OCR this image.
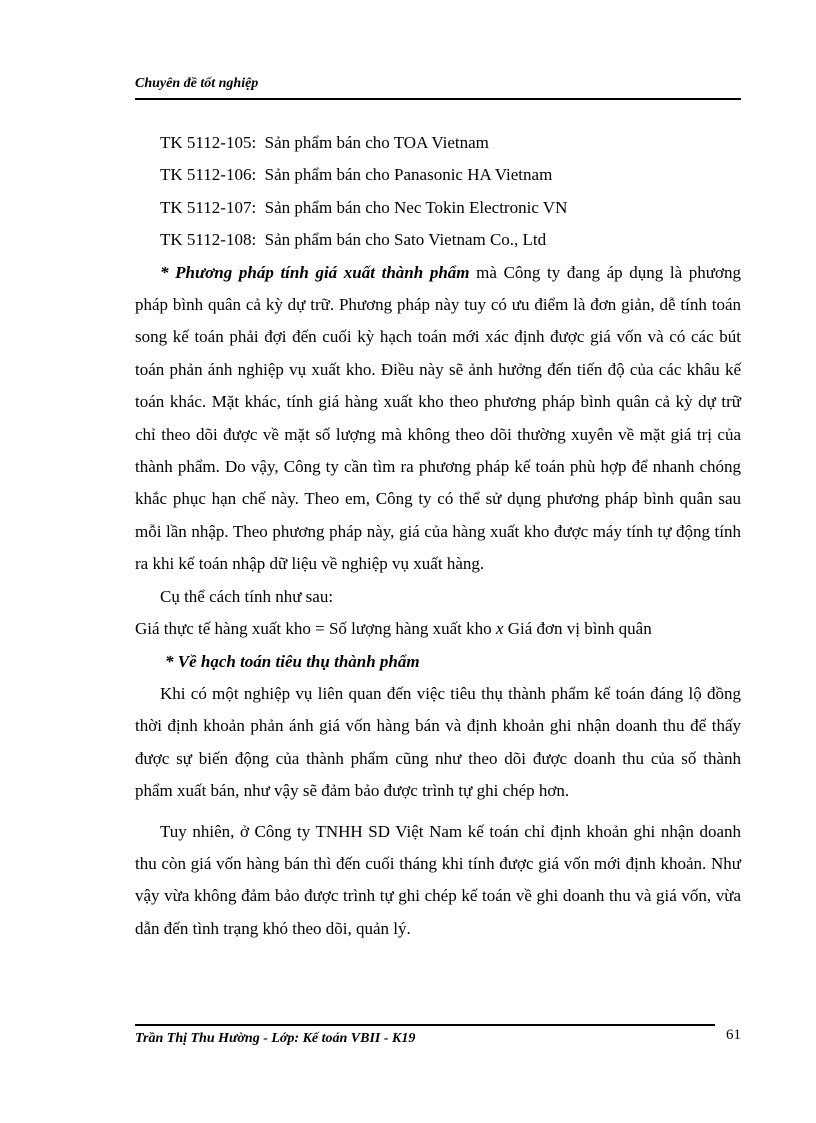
Chuyên đề tốt nghiệp

TK 5112-105: Sản phẩm bán cho TOA Vietnam

TK 5112-106: Sản phẩm bán cho Panasonic HA Vietnam

TK 5112-107: Sản phẩm bán cho Nec Tokin Electronic VN

TK 5112-108: Sản phẩm bán cho Sato Vietnam Co., Ltd

* Phương pháp tính giá xuất thành phẩm mà Công ty đang áp dụng là phương pháp bình quân cả kỳ dự trữ. Phương pháp này tuy có ưu điểm là đơn giản, dễ tính toán song kế toán phải đợi đến cuối kỳ hạch toán mới xác định được giá vốn và có các bút toán phản ánh nghiệp vụ xuất kho. Điều này sẽ ảnh hưởng đến tiến độ của các khâu kế toán khác. Mặt khác, tính giá hàng xuất kho theo phương pháp bình quân cả kỳ dự trữ chỉ theo dõi được về mặt số lượng mà không theo dõi thường xuyên về mặt giá trị của thành phẩm. Do vậy, Công ty cần tìm ra phương pháp kế toán phù hợp để nhanh chóng khắc phục hạn chế này. Theo em, Công ty có thể sử dụng phương pháp bình quân sau mỗi lần nhập. Theo phương pháp này, giá của hàng xuất kho được máy tính tự động tính ra khi kế toán nhập dữ liệu về nghiệp vụ xuất hàng.

Cụ thể cách tính như sau:

Giá thực tế hàng xuất kho = Số lượng hàng xuất kho x Giá đơn vị bình quân

* Về hạch toán tiêu thụ thành phẩm

Khi có một nghiệp vụ liên quan đến việc tiêu thụ thành phẩm kế toán đáng lộ đồng thời định khoản phản ánh giá vốn hàng bán và định khoản ghi nhận doanh thu để thấy được sự biến động của thành phẩm cũng như theo dõi được doanh thu của số thành phẩm xuất bán, như vậy sẽ đảm bảo được trình tự ghi chép hơn.

Tuy nhiên, ở Công ty TNHH SD Việt Nam kế toán chỉ định khoản ghi nhận doanh thu còn giá vốn hàng bán thì đến cuối tháng khi tính được giá vốn mới định khoản. Như vậy vừa không đảm bảo được trình tự ghi chép kế toán về ghi doanh thu và giá vốn, vừa dẫn đến tình trạng khó theo dõi, quản lý.

Trần Thị Thu Hường - Lớp: Kế toán VBII - K19	61
